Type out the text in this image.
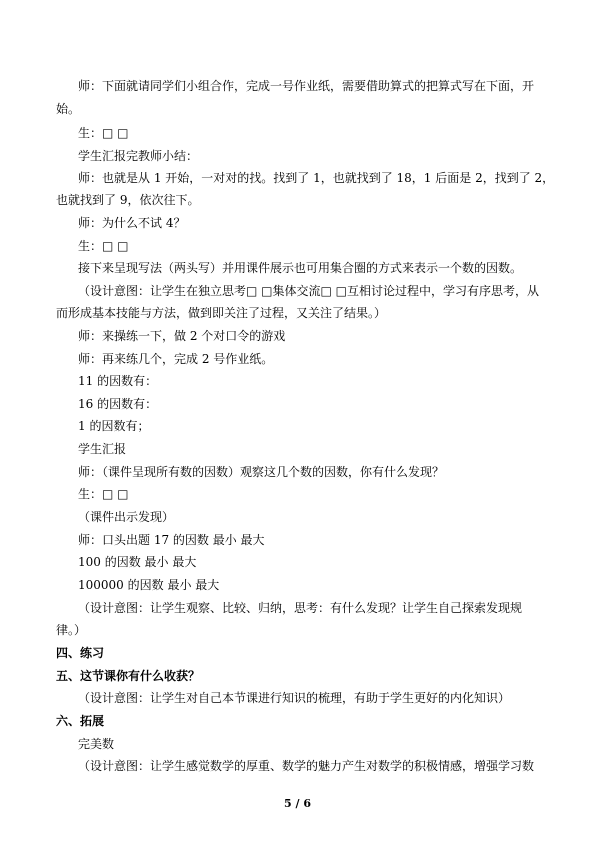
师：下面就请同学们小组合作，完成一号作业纸，需要借助算式的把算式写在下面，开
始。
生：□ □
学生汇报完教师小结：
师：也就是从 1 开始，一对对的找。找到了 1，也就找到了 18，1 后面是 2，找到了 2，
也就找到了 9，依次往下。
师：为什么不试 4？
生：□ □
接下来呈现写法（两头写）并用课件展示也可用集合圈的方式来表示一个数的因数。
（设计意图：让学生在独立思考□ □集体交流□ □互相讨论过程中，学习有序思考，从
而形成基本技能与方法，做到即关注了过程，又关注了结果。）
师：来操练一下，做 2 个对口令的游戏
师：再来练几个，完成 2 号作业纸。
11 的因数有：
16 的因数有：
1 的因数有；
学生汇报
师：（课件呈现所有数的因数）观察这几个数的因数，你有什么发现？
生：□ □
（课件出示发现）
师：口头出题 17 的因数 最小 最大
100 的因数 最小 最大
100000 的因数 最小 最大
（设计意图：让学生观察、比较、归纳，思考：有什么发现？让学生自己探索发现规
律。）
四、练习
五、这节课你有什么收获？
（设计意图：让学生对自己本节课进行知识的梳理，有助于学生更好的内化知识）
六、拓展
完美数
（设计意图：让学生感觉数学的厚重、数学的魅力产生对数学的积极情感，增强学习数
5 / 6
